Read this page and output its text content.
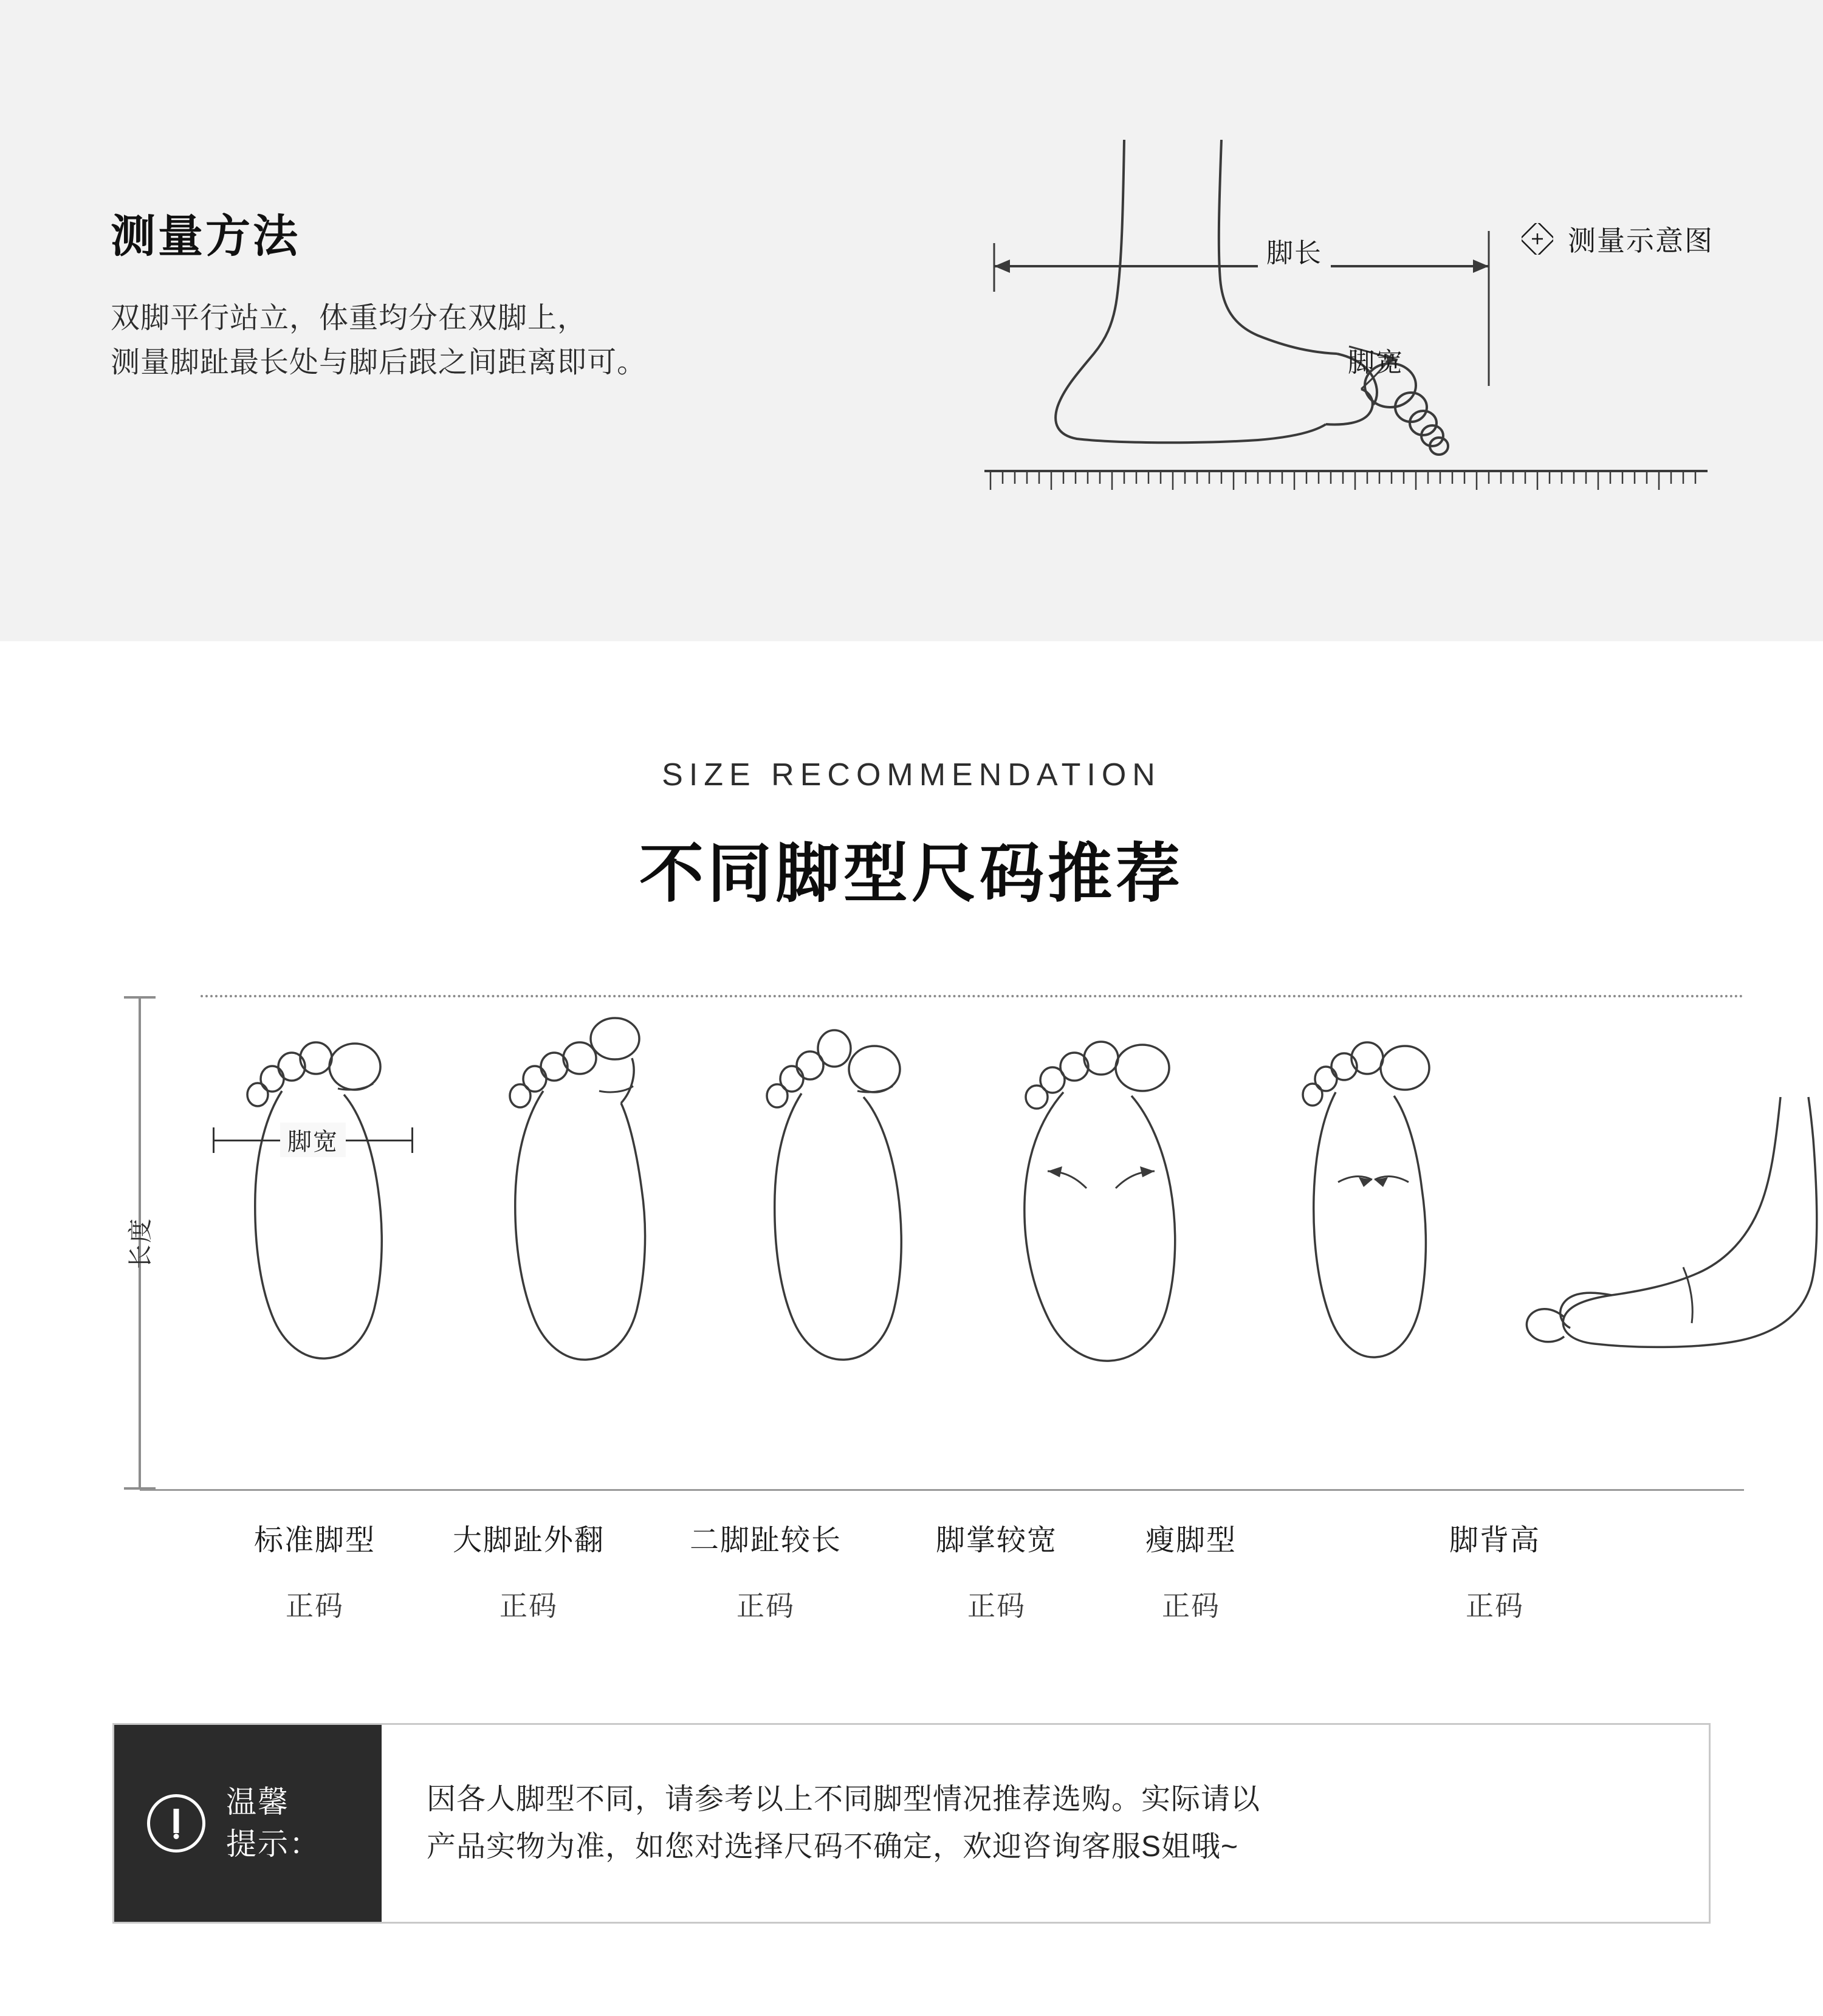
测量方法
双脚平行站立，体重均分在双脚上，
测量脚趾最长处与脚后跟之间距离即可。
测量示意图
脚长
脚宽
SIZE RECOMMENDATION
不同脚型尺码推荐
长度
脚宽
标准脚型
正码
大脚趾外翻
正码
二脚趾较长
正码
脚掌较宽
正码
瘦脚型
正码
脚背高
正码
温馨
提示：
因各人脚型不同，请参考以上不同脚型情况推荐选购。实际请以
产品实物为准，如您对选择尺码不确定，欢迎咨询客服S姐哦~
